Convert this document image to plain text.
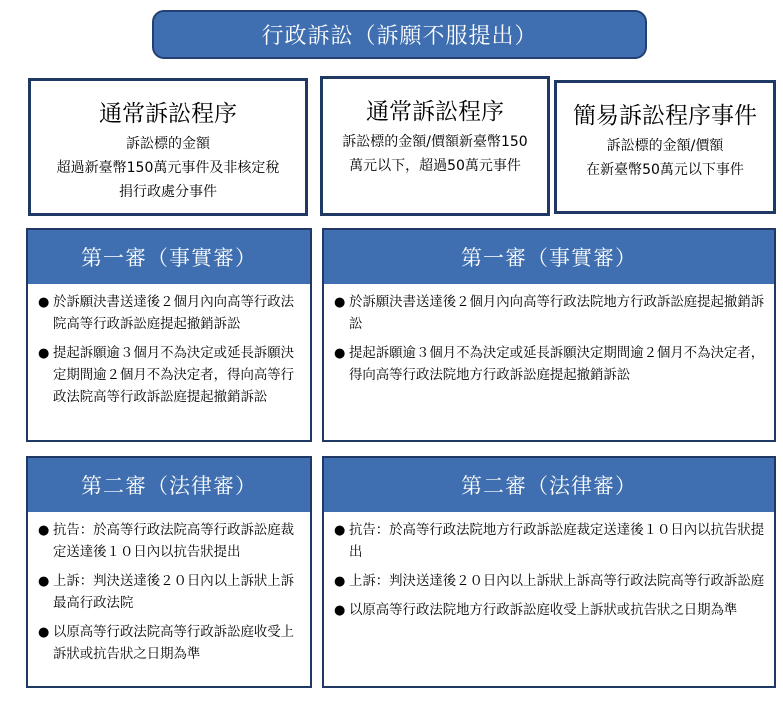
行政訴訟（訴願不服提出）
通常訴訟程序
訴訟標的金額
超過新臺幣150萬元事件及非核定稅
捐行政處分事件
通常訴訟程序
訴訟標的金額/價額新臺幣150
萬元以下，超過50萬元事件
簡易訴訟程序事件
訴訟標的金額/價額
在新臺幣50萬元以下事件
第一審（事實審）
● 於訴願決書送達後２個月內向高等行政法院高等行政訴訟庭提起撤銷訴訟
● 提起訴願逾３個月不為決定或延長訴願決定期間逾２個月不為決定者，得向高等行政法院高等行政訴訟庭提起撤銷訴訟
第一審（事實審）
● 於訴願決書送達後２個月內向高等行政法院地方行政訴訟庭提起撤銷訴訟
● 提起訴願逾３個月不為決定或延長訴願決定期間逾２個月不為決定者，得向高等行政法院地方行政訴訟庭提起撤銷訴訟
第二審（法律審）
● 抗告：於高等行政法院高等行政訴訟庭裁定送達後１０日內以抗告狀提出
● 上訴：判決送達後２０日內以上訴狀上訴最高行政法院
● 以原高等行政法院高等行政訴訟庭收受上訴狀或抗告狀之日期為準
第二審（法律審）
● 抗告：於高等行政法院地方行政訴訟庭裁定送達後１０日內以抗告狀提出
● 上訴：判決送達後２０日內以上訴狀上訴高等行政法院高等行政訴訟庭
● 以原高等行政法院地方行政訴訟庭收受上訴狀或抗告狀之日期為準
